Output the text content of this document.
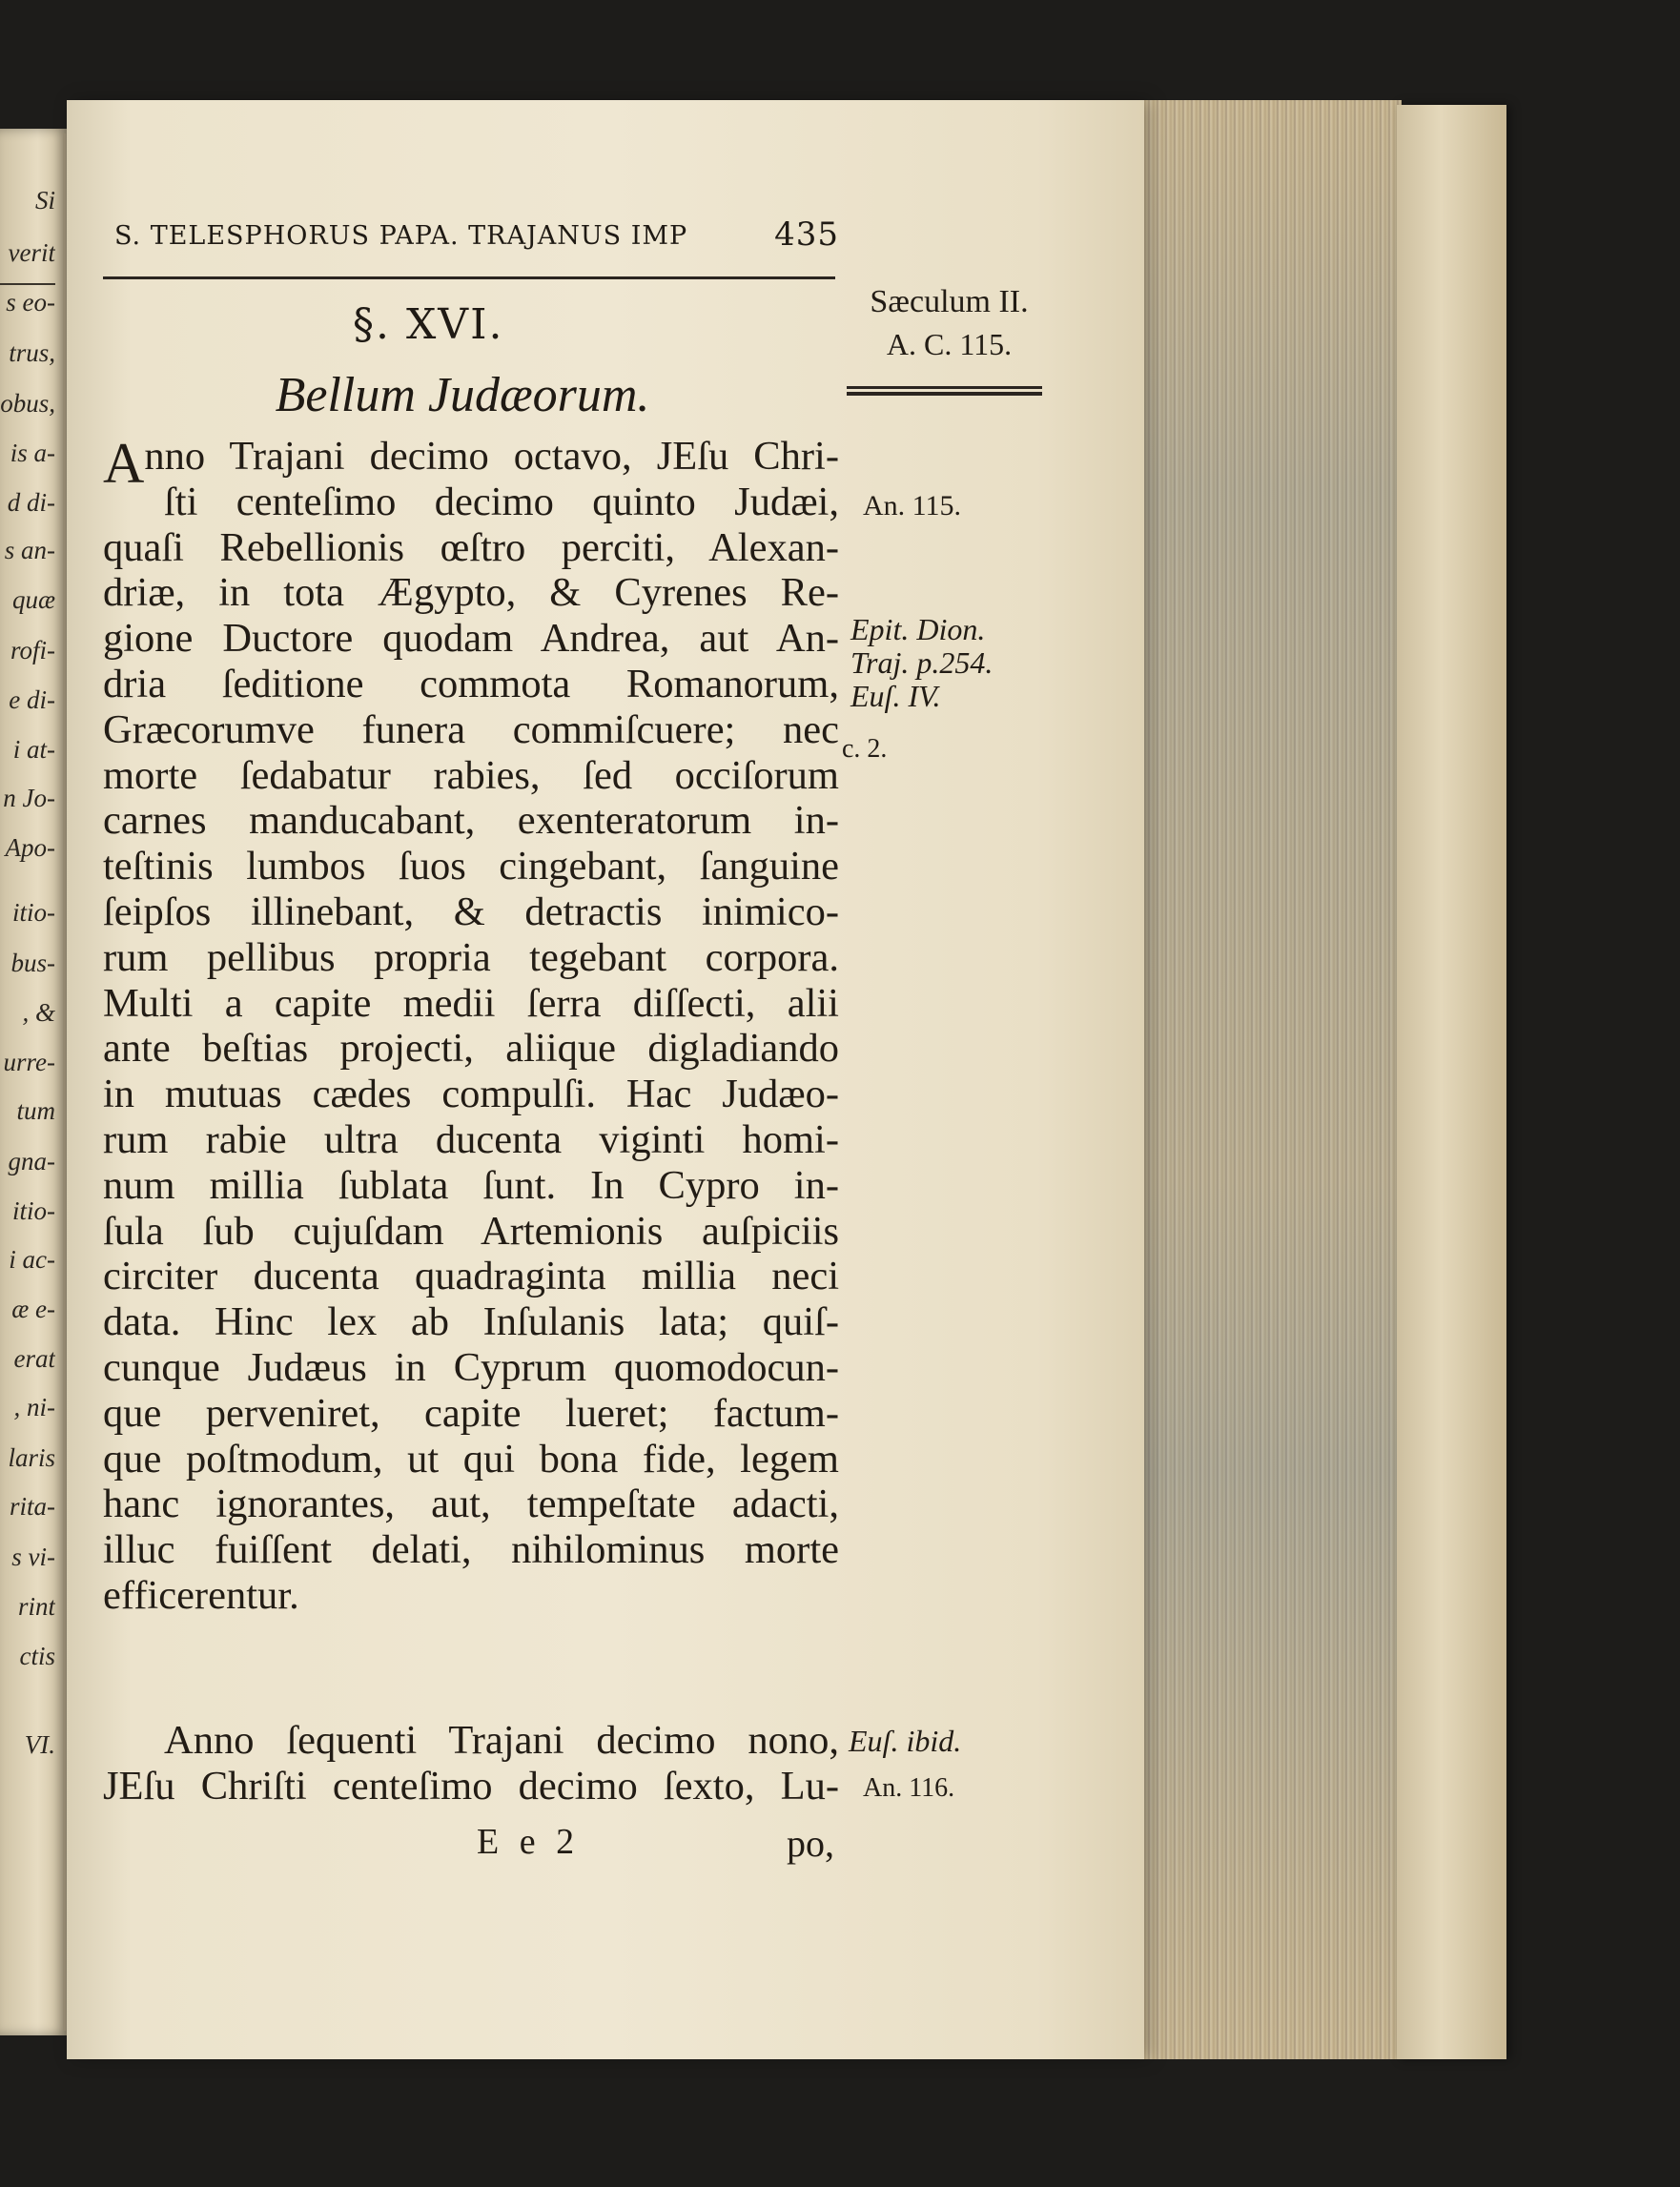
Si
verit
s eo-
trus,
obus,
is a-
d di-
s an-
quæ
rofi-
e di-
i at-
n Jo-
Apo-
itio-
bus-
, &
urre-
tum
gna-
itio-
i ac-
æ e-
erat
, ni-
laris
rita-
s vi-
rint
ctis
VI.
S. TELESPHORUS PAPA. TRAJANUS IMP	435
§. XVI.
Bellum Judæorum.
Anno Trajani decimo octavo, JEſu Chri-
ſti centeſimo decimo quinto Judæi,
quaſi Rebellionis œſtro perciti, Alexan-
driæ, in tota Ægypto, & Cyrenes Re-
gione Ductore quodam Andrea, aut An-
dria ſeditione commota Romanorum,
Græcorumve funera commiſcuere; nec
morte ſedabatur rabies, ſed occiſorum
carnes manducabant, exenteratorum in-
teſtinis lumbos ſuos cingebant, ſanguine
ſeipſos illinebant, & detractis inimico-
rum pellibus propria tegebant corpora.
Multi a capite medii ſerra diſſecti, alii
ante beſtias projecti, aliique digladiando
in mutuas cædes compulſi. Hac Judæo-
rum rabie ultra ducenta viginti homi-
num millia ſublata ſunt. In Cypro in-
ſula ſub cujuſdam Artemionis auſpiciis
circiter ducenta quadraginta millia neci
data. Hinc lex ab Inſulanis lata; quiſ-
cunque Judæus in Cyprum quomodocun-
que perveniret, capite lueret; factum-
que poſtmodum, ut qui bona fide, legem
hanc ignorantes, aut, tempeſtate adacti,
illuc fuiſſent delati, nihilominus morte
efficerentur.
Anno ſequenti Trajani decimo nono,
JEſu Chriſti centeſimo decimo ſexto, Lu-
E e 2	po,
Sæculum II.
A. C. 115.
An. 115.
Epit. Dion.
Traj. p.254.
Euſ. IV.
c. 2.
Euſ. ibid.
An. 116.
